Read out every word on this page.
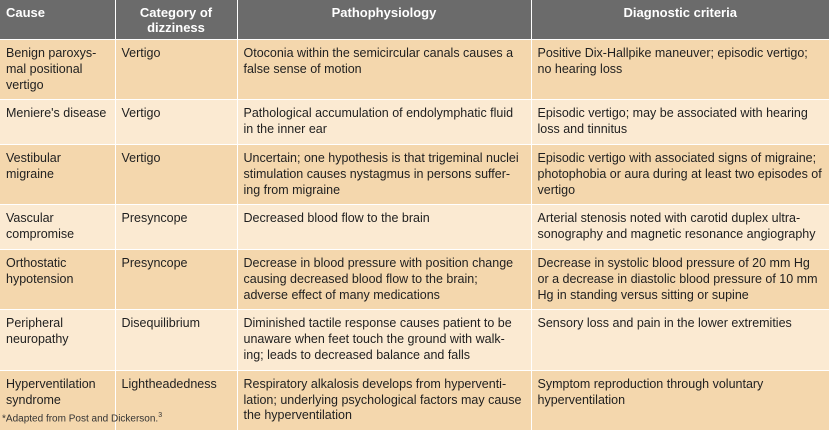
Cause	Category of dizziness	Pathophysiology	Diagnostic criteria
Benign paroxys-mal positional vertigo	Vertigo	Otoconia within the semicircular canals causes a false sense of motion	Positive Dix-Hallpike maneuver; episodic vertigo; no hearing loss
Meniere's disease	Vertigo	Pathological accumulation of endolymphatic fluid in the inner ear	Episodic vertigo; may be associated with hearing loss and tinnitus
Vestibular migraine	Vertigo	Uncertain; one hypothesis is that trigeminal nuclei stimulation causes nystagmus in persons suffer-ing from migraine	Episodic vertigo with associated signs of migraine; photophobia or aura during at least two episodes of vertigo
Vascular compromise	Presyncope	Decreased blood flow to the brain	Arterial stenosis noted with carotid duplex ultra-sonography and magnetic resonance angiography
Orthostatic hypotension	Presyncope	Decrease in blood pressure with position change causing decreased blood flow to the brain; adverse effect of many medications	Decrease in systolic blood pressure of 20 mm Hg or a decrease in diastolic blood pressure of 10 mm Hg in standing versus sitting or supine
Peripheral neuropathy	Disequilibrium	Diminished tactile response causes patient to be unaware when feet touch the ground with walk-ing; leads to decreased balance and falls	Sensory loss and pain in the lower extremities
Hyperventilation syndrome	Lightheadedness	Respiratory alkalosis develops from hyperventi-lation; underlying psychological factors may cause the hyperventilation	Symptom reproduction through voluntary hyperventilation
*Adapted from Post and Dickerson.$^3$
